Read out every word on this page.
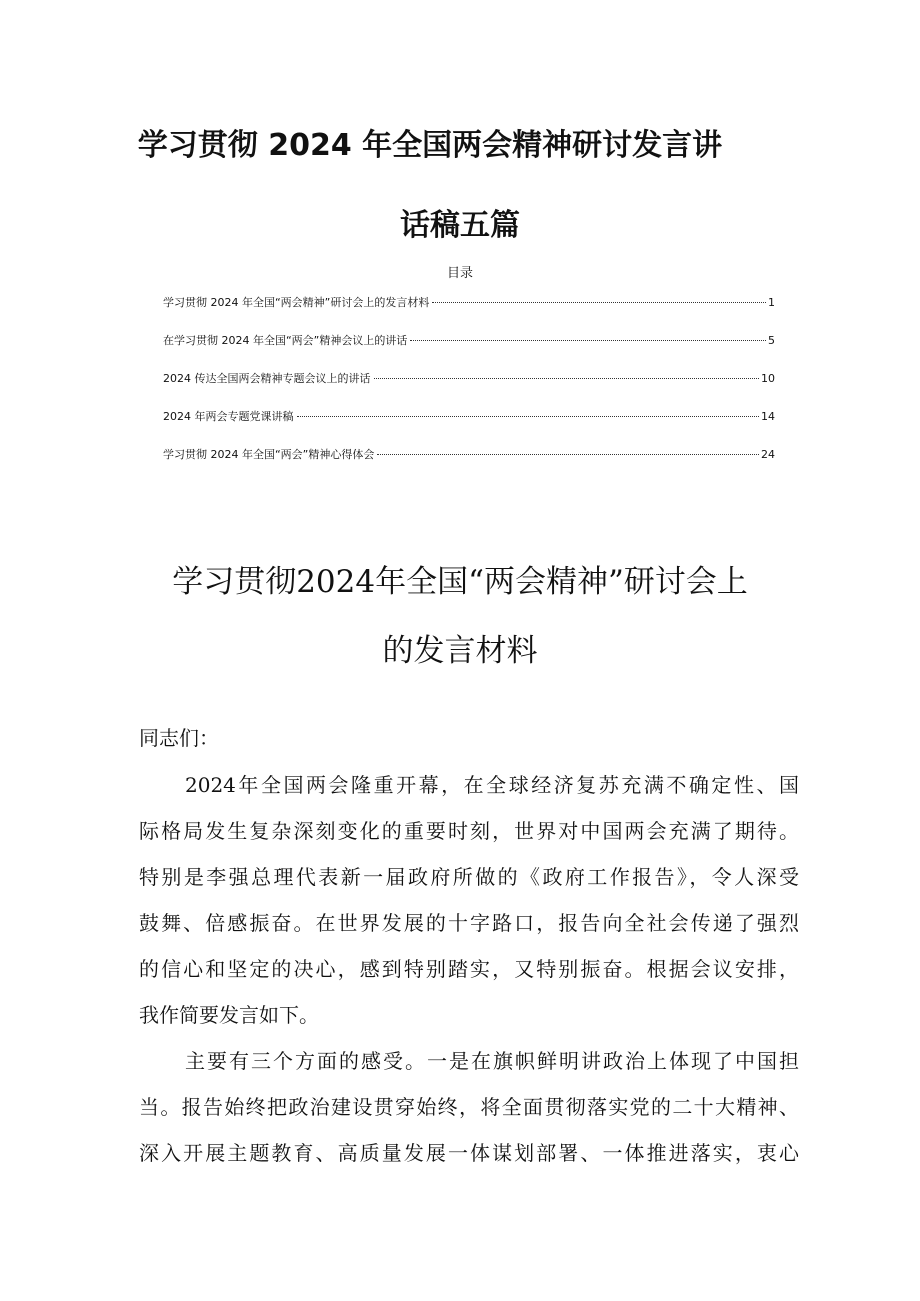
学习贯彻 2024 年全国两会精神研讨发言讲
话稿五篇
目录
学习贯彻 2024 年全国“两会精神”研讨会上的发言材料	1
在学习贯彻 2024 年全国“两会”精神会议上的讲话	5
2024 传达全国两会精神专题会议上的讲话	10
2024 年两会专题党课讲稿	14
学习贯彻 2024 年全国“两会”精神心得体会	24
学习贯彻2024年全国“两会精神”研讨会上
的发言材料
同志们：
2024年全国两会隆重开幕，在全球经济复苏充满不确定性、国
际格局发生复杂深刻变化的重要时刻，世界对中国两会充满了期待。
特别是李强总理代表新一届政府所做的《政府工作报告》，令人深受
鼓舞、倍感振奋。在世界发展的十字路口，报告向全社会传递了强烈
的信心和坚定的决心，感到特别踏实，又特别振奋。根据会议安排，
我作简要发言如下。
主要有三个方面的感受。一是在旗帜鲜明讲政治上体现了中国担
当。报告始终把政治建设贯穿始终，将全面贯彻落实党的二十大精神、
深入开展主题教育、高质量发展一体谋划部署、一体推进落实，衷心
